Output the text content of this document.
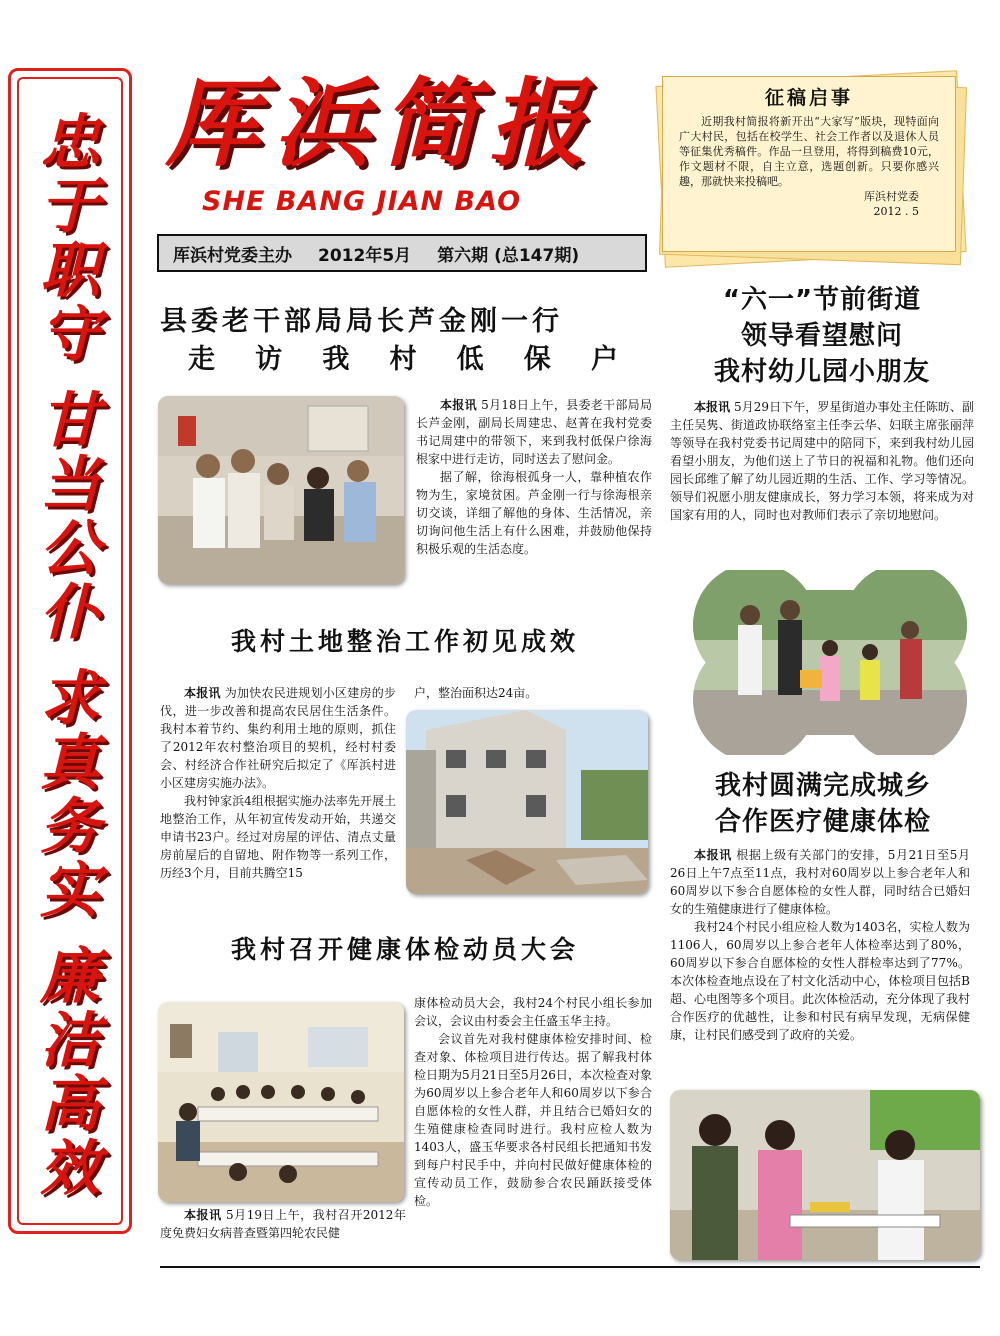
忠
于
职
守
甘
当
公
仆
求
真
务
实
廉
洁
高
效
厍浜简报
SHE BANG JIAN BAO
厍浜村党委主办 2012年5月 第六期 (总147期)
征稿启事

近期我村简报将新开出“大家写”版块，现特面向广大村民，包括在校学生、社会工作者以及退休人员等征集优秀稿件。作品一旦登用，将得到稿费10元，作文题材不限，自主立意，选题创新。只要你感兴趣，那就快来投稿吧。

厍浜村党委

2012 . 5

县委老干部局局长芦金刚一行
走 访 我 村 低 保 户

本报讯 5月18日上午，县委老干部局局长芦金刚，副局长周建忠、赵菁在我村党委书记周建中的带领下，来到我村低保户徐海根家中进行走访，同时送去了慰问金。

据了解，徐海根孤身一人，靠种植农作物为生，家境贫困。芦金刚一行与徐海根亲切交谈，详细了解他的身体、生活情况，亲切询问他生活上有什么困难，并鼓励他保持积极乐观的生活态度。

“六一”节前街道
领导看望慰问
我村幼儿园小朋友

本报讯 5月29日下午，罗星街道办事处主任陈昉、副主任吴隽、街道政协联络室主任李云华、妇联主席张丽萍等领导在我村党委书记周建中的陪同下，来到我村幼儿园看望小朋友，为他们送上了节日的祝福和礼物。他们还向园长邱维了解了幼儿园近期的生活、工作、学习等情况。领导们祝愿小朋友健康成长，努力学习本领，将来成为对国家有用的人，同时也对教师们表示了亲切地慰问。

我村土地整治工作初见成效

本报讯 为加快农民进规划小区建房的步伐，进一步改善和提高农民居住生活条件。我村本着节约、集约利用土地的原则，抓住了2012年农村整治项目的契机，经村村委会、村经济合作社研究后拟定了《厍浜村进小区建房实施办法》。

我村钟家浜4组根据实施办法率先开展土地整治工作，从年初宣传发动开始，共递交申请书23户。经过对房屋的评估、清点丈量房前屋后的自留地、附作物等一系列工作，历经3个月，目前共腾空15

户，整治面积达24亩。
我村召开健康体检动员大会

本报讯 5月19日上午，我村召开2012年度免费妇女病普查暨第四轮农民健

康体检动员大会，我村24个村民小组长参加会议，会议由村委会主任盛玉华主持。

会议首先对我村健康体检安排时间、检查对象、体检项目进行传达。据了解我村体检日期为5月21日至5月26日，本次检查对象为60周岁以上参合老年人和60周岁以下参合自愿体检的女性人群，并且结合已婚妇女的生殖健康检查同时进行。我村应检人数为1403人，盛玉华要求各村民组长把通知书发到每户村民手中，并向村民做好健康体检的宣传动员工作，鼓励参合农民踊跃接受体检。

我村圆满完成城乡
合作医疗健康体检

本报讯 根据上级有关部门的安排，5月21日至5月26日上午7点至11点，我村对60周岁以上参合老年人和60周岁以下参合自愿体检的女性人群，同时结合已婚妇女的生殖健康进行了健康体检。

我村24个村民小组应检人数为1403名，实检人数为1106人，60周岁以上参合老年人体检率达到了80%，60周岁以下参合自愿体检的女性人群检率达到了77%。本次体检查地点设在了村文化活动中心，体检项目包括B超、心电图等多个项目。此次体检活动，充分体现了我村合作医疗的优越性，让参和村民有病早发现，无病保健康，让村民们感受到了政府的关爱。
